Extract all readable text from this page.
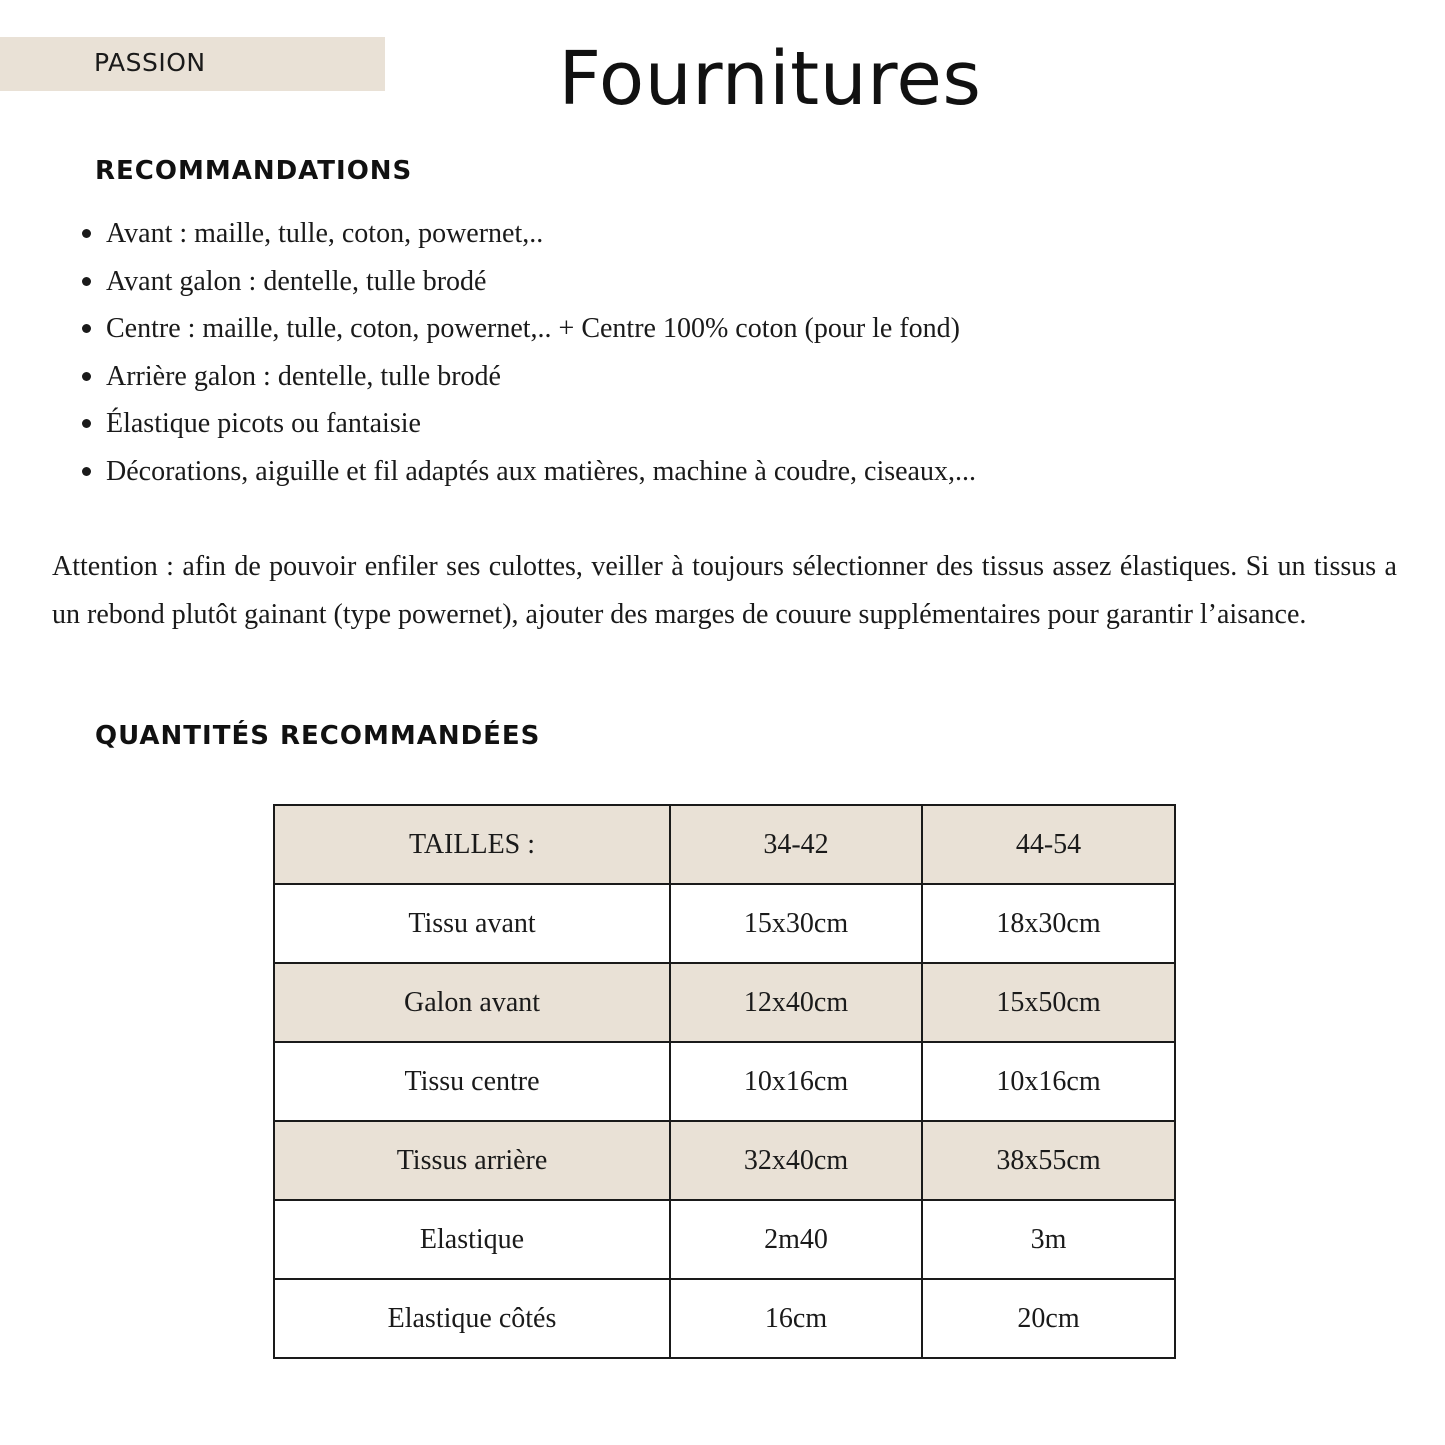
PASSION	Fournitures
RECOMMANDATIONS
Avant : maille, tulle, coton, powernet,..
Avant galon : dentelle, tulle brodé
Centre : maille, tulle, coton, powernet,.. + Centre 100% coton (pour le fond)
Arrière galon : dentelle, tulle brodé
Élastique picots ou fantaisie
Décorations, aiguille et fil adaptés aux matières, machine à coudre, ciseaux,...

Attention : afin de pouvoir enfiler ses culottes, veiller à toujours sélectionner des tissus assez élastiques. Si un tissus a un rebond plutôt gainant (type powernet), ajouter des marges de couure supplémentaires pour garantir l’aisance.

QUANTITÉS RECOMMANDÉES
TAILLES :	34-42	44-54
Tissu avant	15x30cm	18x30cm
Galon avant	12x40cm	15x50cm
Tissu centre	10x16cm	10x16cm
Tissus arrière	32x40cm	38x55cm
Elastique	2m40	3m
Elastique côtés	16cm	20cm
